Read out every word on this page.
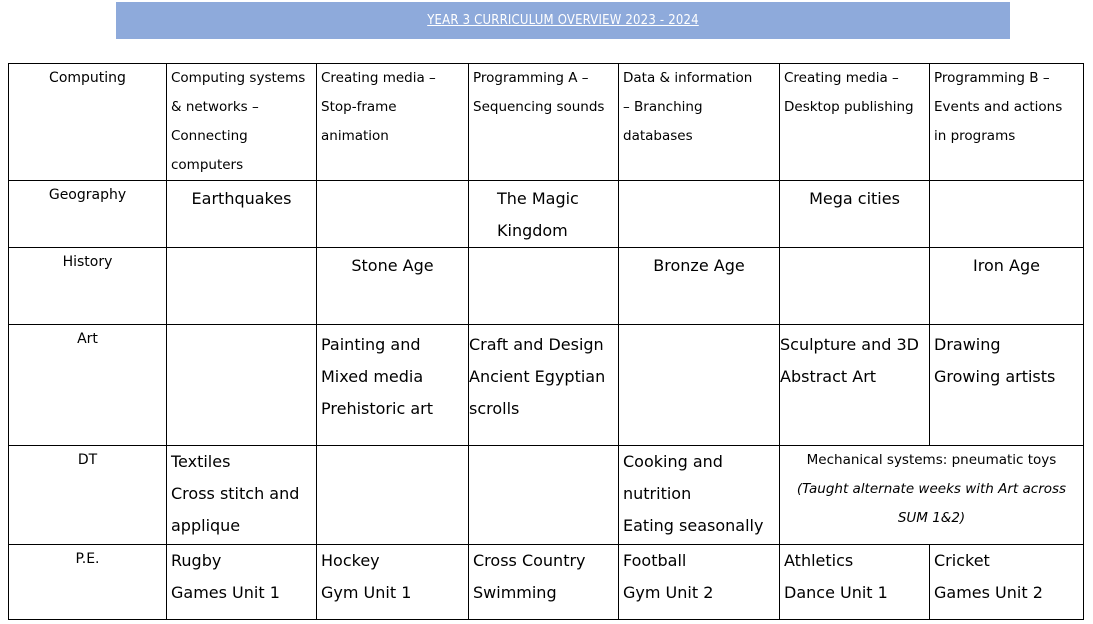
YEAR 3 CURRICULUM OVERVIEW 2023 - 2024
Computing	Computing systems
& networks –
Connecting
computers	Creating media –
Stop-frame
animation	Programming A –
Sequencing sounds	Data & information
– Branching
databases	Creating media –
Desktop publishing	Programming B –
Events and actions
in programs

Geography	Earthquakes		The Magic
Kingdom		Mega cities	

History		Stone Age		Bronze Age		Iron Age

Art		Painting and
Mixed media
Prehistoric art	Craft and Design
Ancient Egyptian
scrolls		Sculpture and 3D
Abstract Art	Drawing
Growing artists

DT	Textiles
Cross stitch and
applique			Cooking and
nutrition
Eating seasonally	Mechanical systems: pneumatic toys
(Taught alternate weeks with Art across
SUM 1&2)	

P.E.	Rugby
Games Unit 1	Hockey
Gym Unit 1	Cross Country
Swimming	Football
Gym Unit 2	Athletics
Dance Unit 1	Cricket
Games Unit 2
